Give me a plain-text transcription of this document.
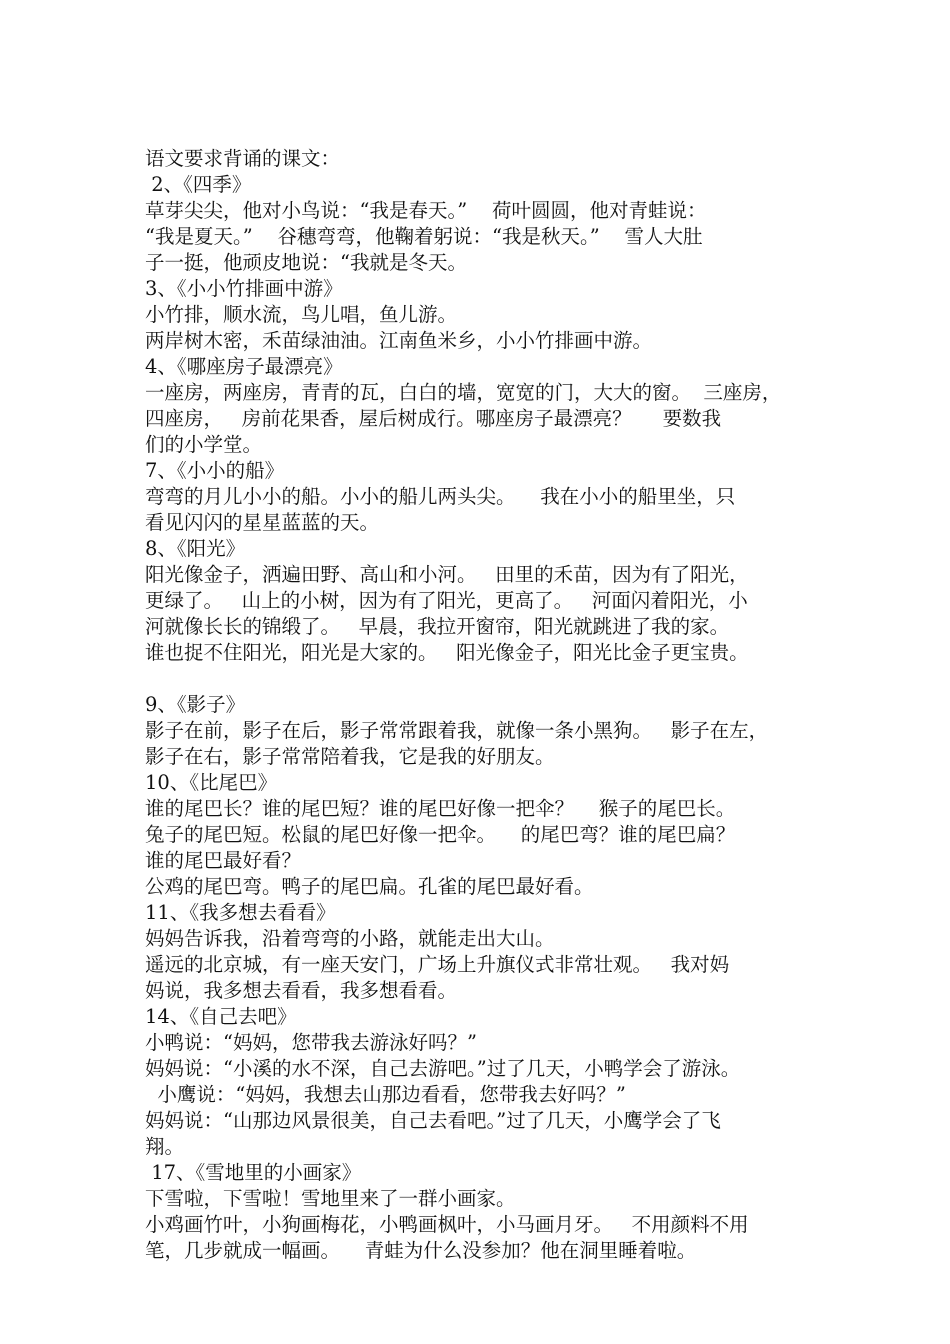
语文要求背诵的课文：
2、《四季》
草芽尖尖，他对小鸟说：“我是春天。”    荷叶圆圆，他对青蛙说：
“我是夏天。”    谷穗弯弯，他鞠着躬说：“我是秋天。”    雪人大肚
子一挺，他顽皮地说：“我就是冬天。
3、《小小竹排画中游》
小竹排，顺水流，鸟儿唱，鱼儿游。
两岸树木密，禾苗绿油油。江南鱼米乡，小小竹排画中游。
4、《哪座房子最漂亮》
一座房，两座房，青青的瓦，白白的墙，宽宽的门，大大的窗。  三座房，
四座房，   房前花果香，屋后树成行。哪座房子最漂亮？     要数我
们的小学堂。
7、《小小的船》
弯弯的月儿小小的船。小小的船儿两头尖。    我在小小的船里坐，只
看见闪闪的星星蓝蓝的天。
8、《阳光》
阳光像金子，洒遍田野、高山和小河。   田里的禾苗，因为有了阳光，
更绿了。   山上的小树，因为有了阳光，更高了。   河面闪着阳光，小
河就像长长的锦缎了。   早晨，我拉开窗帘，阳光就跳进了我的家。
谁也捉不住阳光，阳光是大家的。   阳光像金子，阳光比金子更宝贵。
9、《影子》
影子在前，影子在后，影子常常跟着我，就像一条小黑狗。   影子在左，
影子在右，影子常常陪着我，它是我的好朋友。
10、《比尾巴》
谁的尾巴长？谁的尾巴短？谁的尾巴好像一把伞？    猴子的尾巴长。
兔子的尾巴短。松鼠的尾巴好像一把伞。    的尾巴弯？谁的尾巴扁？
谁的尾巴最好看？
公鸡的尾巴弯。鸭子的尾巴扁。孔雀的尾巴最好看。
11、《我多想去看看》
妈妈告诉我，沿着弯弯的小路，就能走出大山。
遥远的北京城，有一座天安门，广场上升旗仪式非常壮观。   我对妈
妈说，我多想去看看，我多想看看。
14、《自己去吧》
小鸭说：“妈妈，您带我去游泳好吗？”
妈妈说：“小溪的水不深，自己去游吧。”过了几天，小鸭学会了游泳。
小鹰说：“妈妈，我想去山那边看看，您带我去好吗？”
妈妈说：“山那边风景很美，自己去看吧。”过了几天，小鹰学会了飞
翔。
17、《雪地里的小画家》
下雪啦，下雪啦！雪地里来了一群小画家。
小鸡画竹叶，小狗画梅花，小鸭画枫叶，小马画月牙。   不用颜料不用
笔，几步就成一幅画。    青蛙为什么没参加？他在洞里睡着啦。
